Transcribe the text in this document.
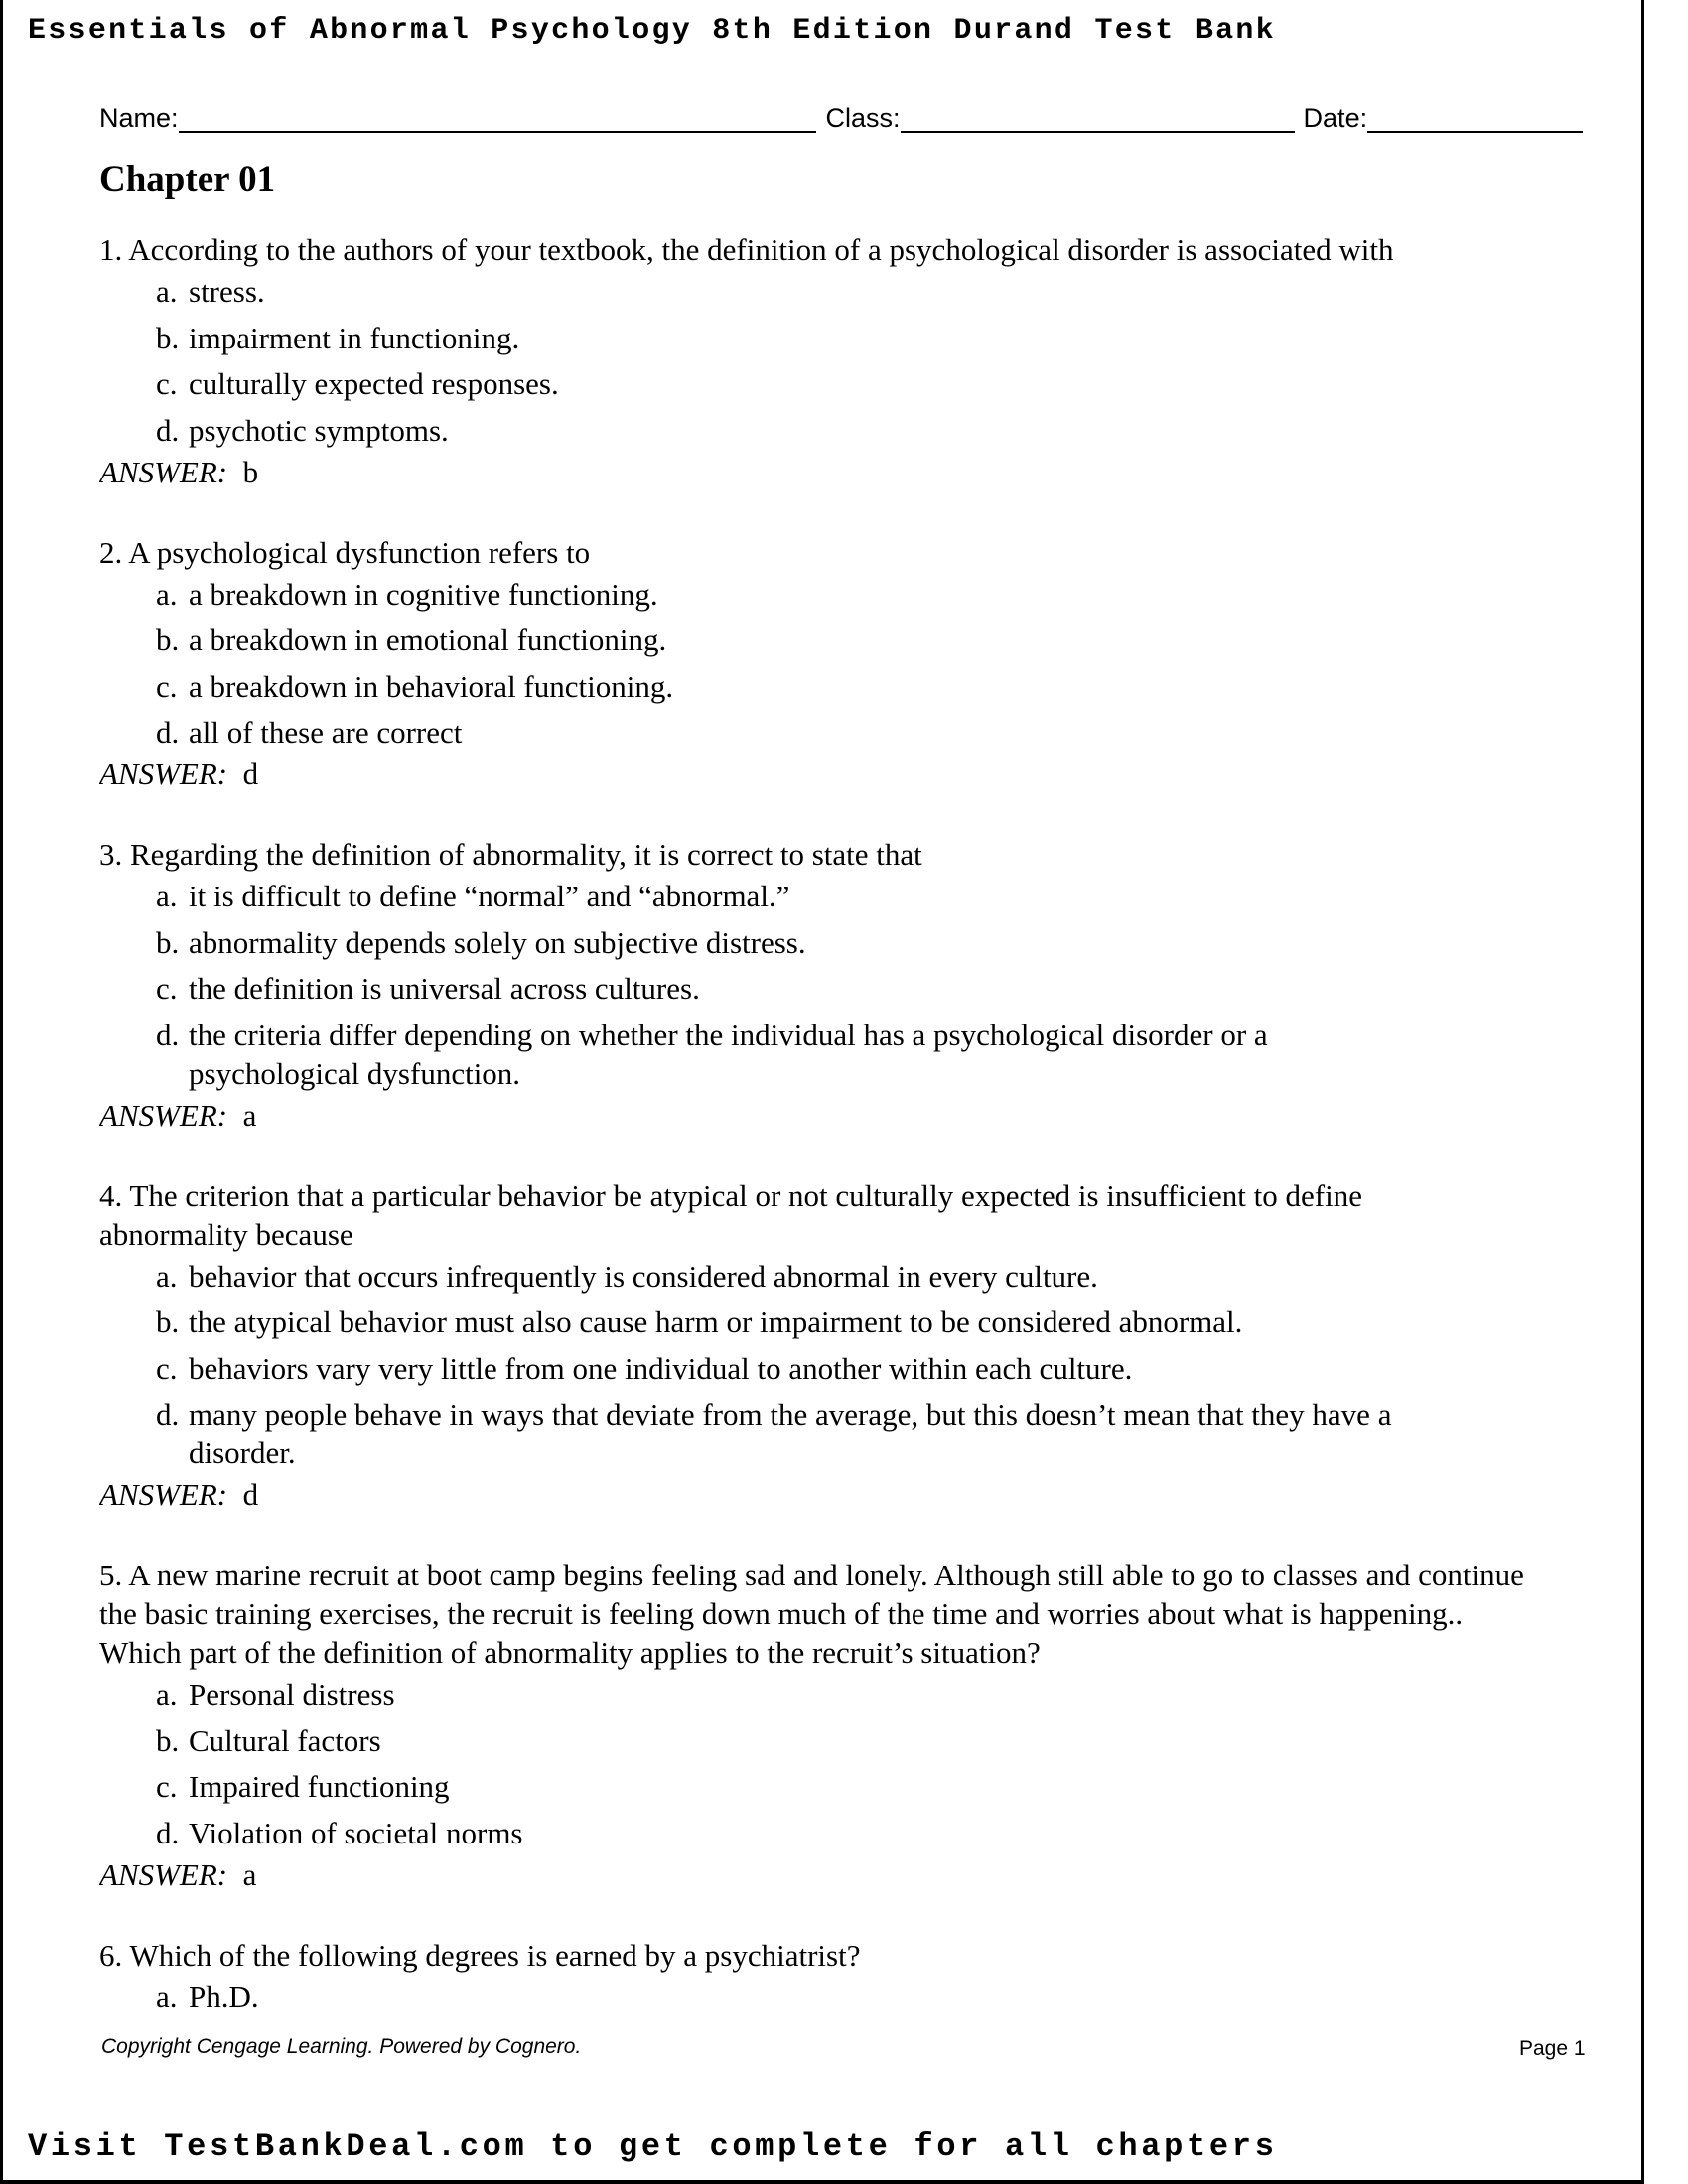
Essentials of Abnormal Psychology 8th Edition Durand Test Bank
Name:	Class:	Date:
Chapter 01

1. According to the authors of your textbook, the definition of a psychological disorder is associated with

a. stress.
b. impairment in functioning.
c. culturally expected responses.
d. psychotic symptoms.
ANSWER: b

2. A psychological dysfunction refers to

a. a breakdown in cognitive functioning.
b. a breakdown in emotional functioning.
c. a breakdown in behavioral functioning.
d. all of these are correct
ANSWER: d

3. Regarding the definition of abnormality, it is correct to state that

a. it is difficult to define “normal” and “abnormal.”
b. abnormality depends solely on subjective distress.
c. the definition is universal across cultures.
d. the criteria differ depending on whether the individual has a psychological disorder or a psychological dysfunction.
ANSWER: a

4. The criterion that a particular behavior be atypical or not culturally expected is insufficient to define abnormality because

a. behavior that occurs infrequently is considered abnormal in every culture.
b. the atypical behavior must also cause harm or impairment to be considered abnormal.
c. behaviors vary very little from one individual to another within each culture.
d. many people behave in ways that deviate from the average, but this doesn’t mean that they have a disorder.
ANSWER: d

5. A new marine recruit at boot camp begins feeling sad and lonely. Although still able to go to classes and continue the basic training exercises, the recruit is feeling down much of the time and worries about what is happening.. Which part of the definition of abnormality applies to the recruit’s situation?

a. Personal distress
b. Cultural factors
c. Impaired functioning
d. Violation of societal norms
ANSWER: a

6. Which of the following degrees is earned by a psychiatrist?

a. Ph.D.
Copyright Cengage Learning. Powered by Cognero.	Page 1
Visit TestBankDeal.com to get complete for all chapters
